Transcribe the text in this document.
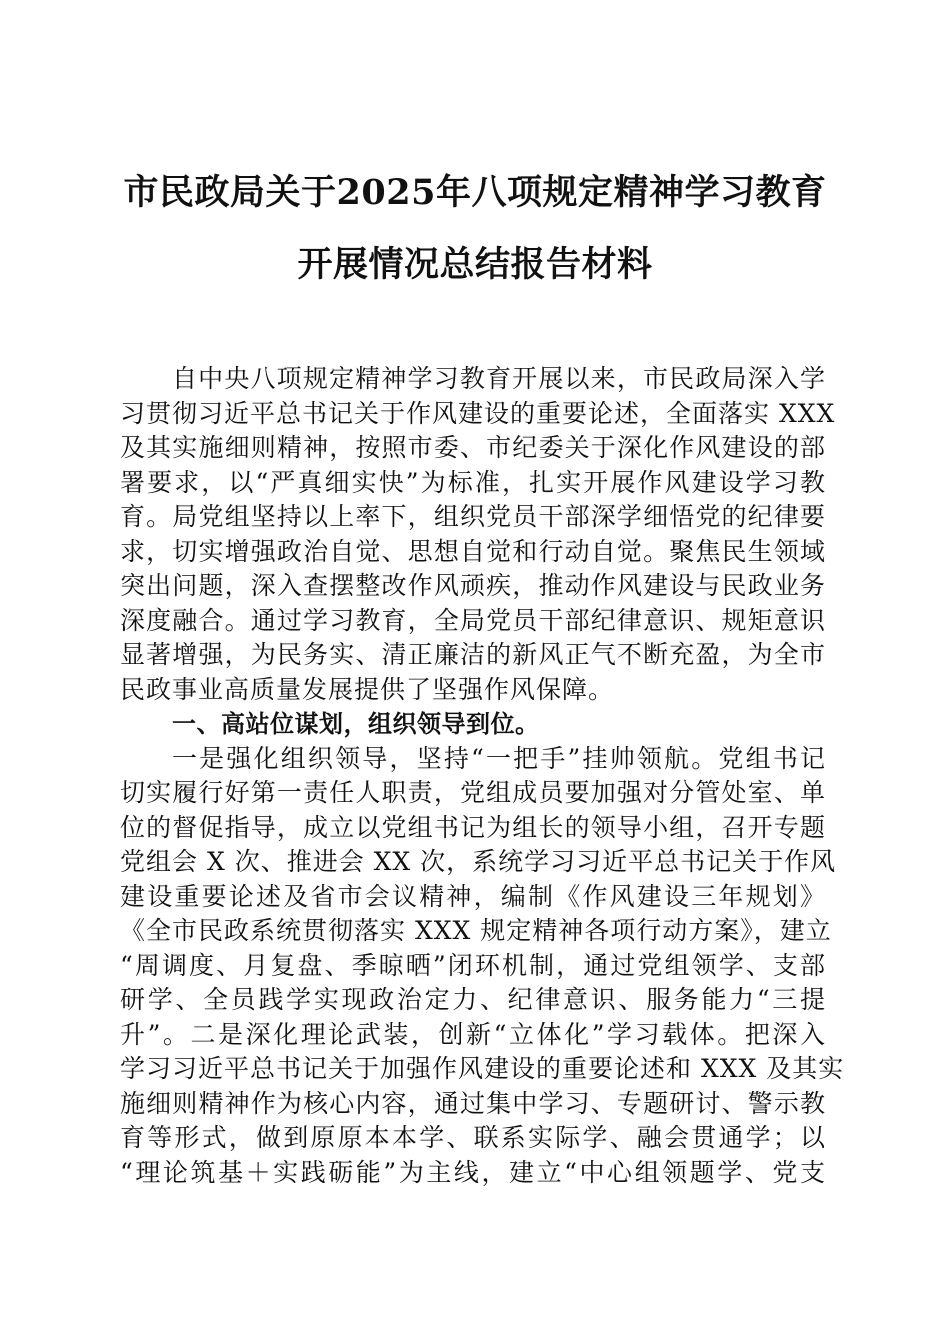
市民政局关于2025年八项规定精神学习教育
开展情况总结报告材料
自中央八项规定精神学习教育开展以来，市民政局深入学
习贯彻习近平总书记关于作风建设的重要论述，全面落实 XXX
及其实施细则精神，按照市委、市纪委关于深化作风建设的部
署要求，以“严真细实快”为标准，扎实开展作风建设学习教
育。局党组坚持以上率下，组织党员干部深学细悟党的纪律要
求，切实增强政治自觉、思想自觉和行动自觉。聚焦民生领域
突出问题，深入查摆整改作风顽疾，推动作风建设与民政业务
深度融合。通过学习教育，全局党员干部纪律意识、规矩意识
显著增强，为民务实、清正廉洁的新风正气不断充盈，为全市
民政事业高质量发展提供了坚强作风保障。
一、高站位谋划，组织领导到位。
一是强化组织领导，坚持“一把手”挂帅领航。党组书记
切实履行好第一责任人职责，党组成员要加强对分管处室、单
位的督促指导，成立以党组书记为组长的领导小组，召开专题
党组会 X 次、推进会 XX 次，系统学习习近平总书记关于作风
建设重要论述及省市会议精神，编制《作风建设三年规划》
《全市民政系统贯彻落实 XXX 规定精神各项行动方案》，建立
“周调度、月复盘、季晾晒”闭环机制，通过党组领学、支部
研学、全员践学实现政治定力、纪律意识、服务能力“三提
升”。二是深化理论武装，创新“立体化”学习载体。把深入
学习习近平总书记关于加强作风建设的重要论述和 XXX 及其实
施细则精神作为核心内容，通过集中学习、专题研讨、警示教
育等形式，做到原原本本学、联系实际学、融会贯通学；以
“理论筑基＋实践砺能”为主线，建立“中心组领题学、党支
